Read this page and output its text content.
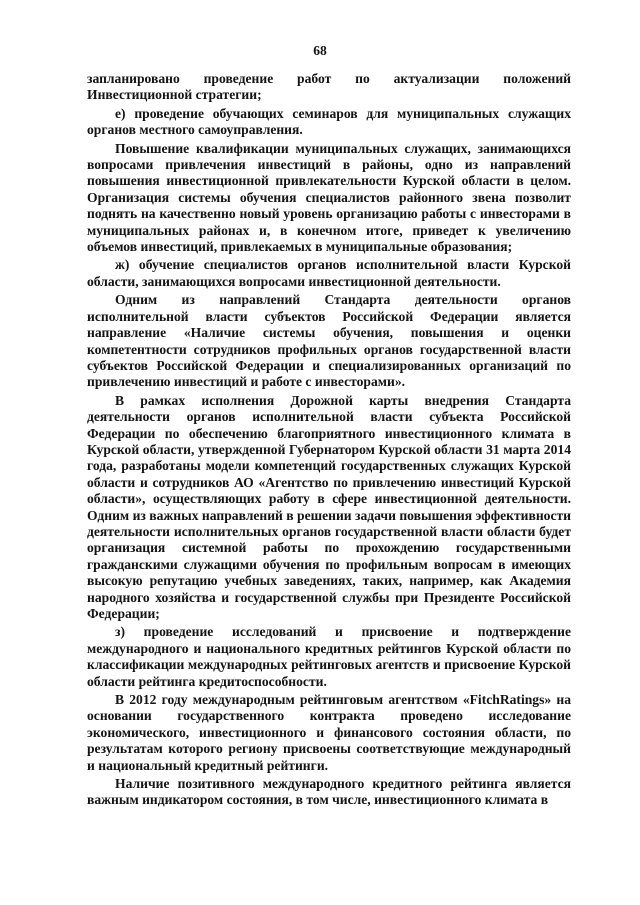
68

запланировано проведение работ по актуализации положений Инвестиционной стратегии;

е) проведение обучающих семинаров для муниципальных служащих органов местного самоуправления.

Повышение квалификации муниципальных служащих, занимающихся вопросами привлечения инвестиций в районы, одно из направлений повышения инвестиционной привлекательности Курской области в целом. Организация системы обучения специалистов районного звена позволит поднять на качественно новый уровень организацию работы с инвесторами в муниципальных районах и, в конечном итоге, приведет к увеличению объемов инвестиций, привлекаемых в муниципальные образования;

ж) обучение специалистов органов исполнительной власти Курской области, занимающихся вопросами инвестиционной деятельности.

Одним из направлений Стандарта деятельности органов исполнительной власти субъектов Российской Федерации является направление «Наличие системы обучения, повышения и оценки компетентности сотрудников профильных органов государственной власти субъектов Российской Федерации и специализированных организаций по привлечению инвестиций и работе с инвесторами».

В рамках исполнения Дорожной карты внедрения Стандарта деятельности органов исполнительной власти субъекта Российской Федерации по обеспечению благоприятного инвестиционного климата в Курской области, утвержденной Губернатором Курской области 31 марта 2014 года, разработаны модели компетенций государственных служащих Курской области и сотрудников АО «Агентство по привлечению инвестиций Курской области», осуществляющих работу в сфере инвестиционной деятельности. Одним из важных направлений в решении задачи повышения эффективности деятельности исполнительных органов государственной власти области будет организация системной работы по прохождению государственными гражданскими служащими обучения по профильным вопросам в имеющих высокую репутацию учебных заведениях, таких, например, как Академия народного хозяйства и государственной службы при Президенте Российской Федерации;

з) проведение исследований и присвоение и подтверждение международного и национального кредитных рейтингов Курской области по классификации международных рейтинговых агентств и присвоение Курской области рейтинга кредитоспособности.

В 2012 году международным рейтинговым агентством «FitchRatings» на основании государственного контракта проведено исследование экономического, инвестиционного и финансового состояния области, по результатам которого региону присвоены соответствующие международный и национальный кредитный рейтинги.

Наличие позитивного международного кредитного рейтинга является важным индикатором состояния, в том числе, инвестиционного климата в
